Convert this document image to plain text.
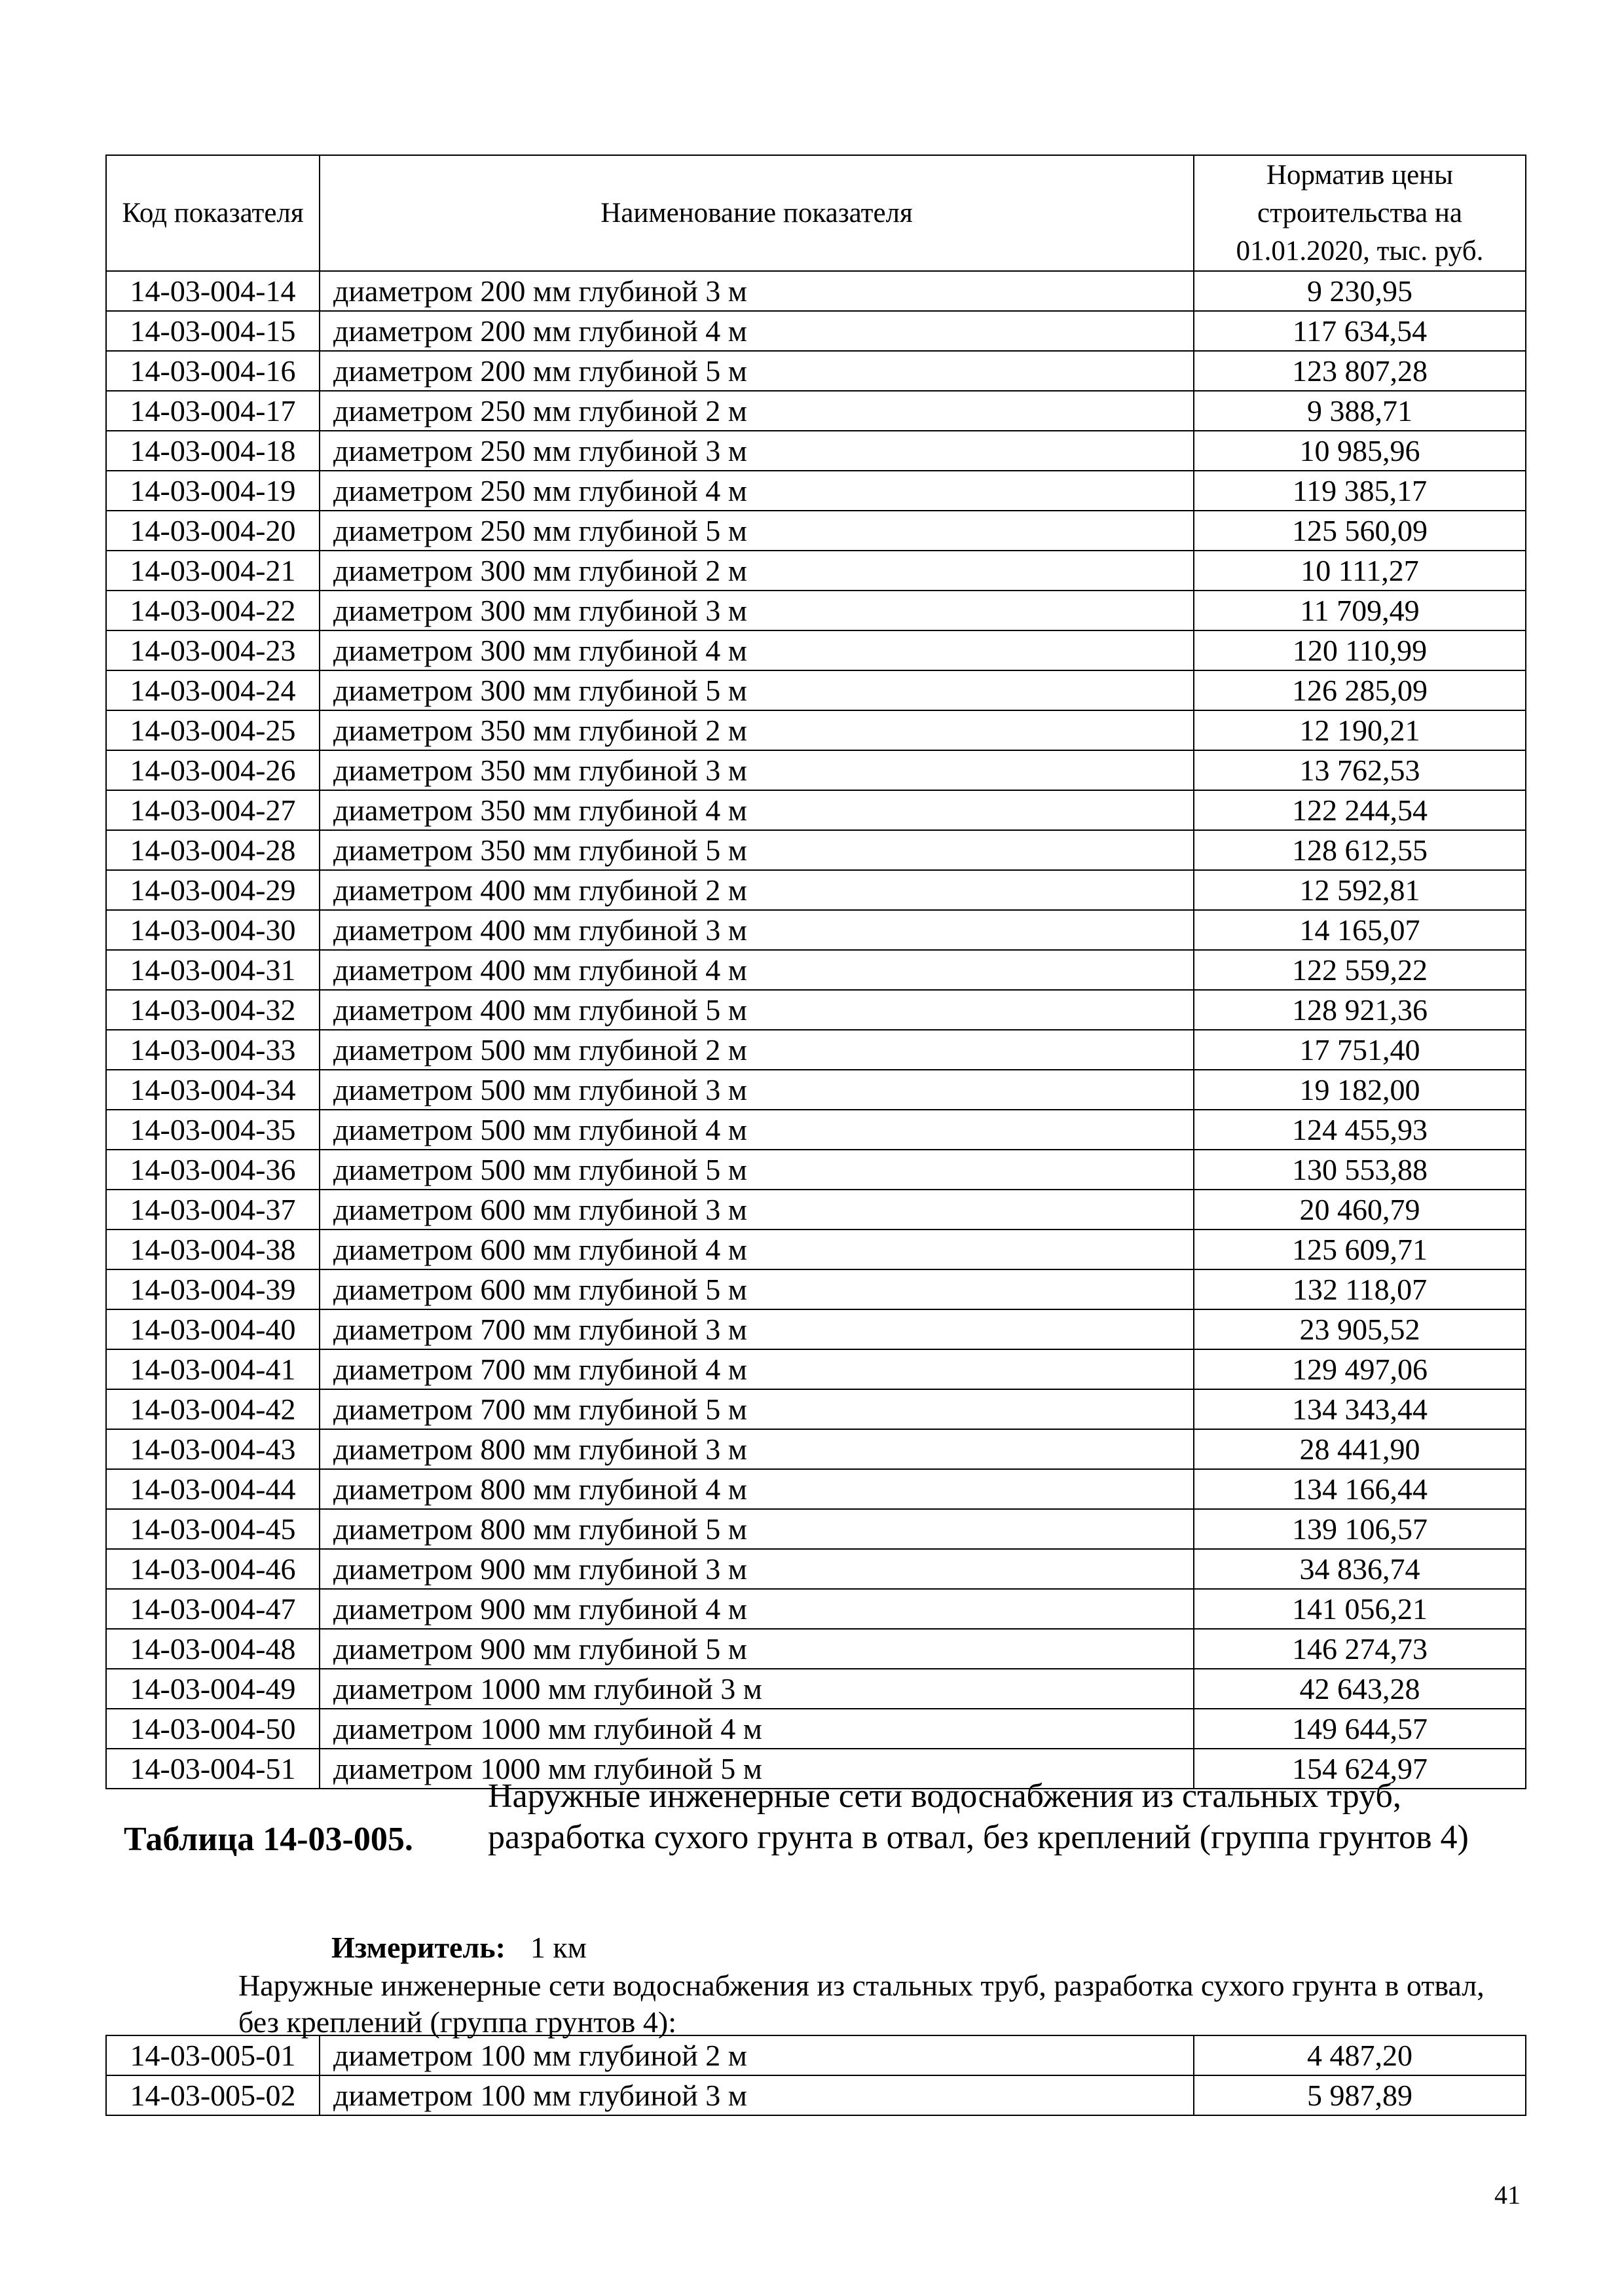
Код показателя	Наименование показателя	Норматив цены строительства на 01.01.2020, тыс. руб.
14-03-004-14	диаметром 200 мм глубиной 3 м	9 230,95
14-03-004-15	диаметром 200 мм глубиной 4 м	117 634,54
14-03-004-16	диаметром 200 мм глубиной 5 м	123 807,28
14-03-004-17	диаметром 250 мм глубиной 2 м	9 388,71
14-03-004-18	диаметром 250 мм глубиной 3 м	10 985,96
14-03-004-19	диаметром 250 мм глубиной 4 м	119 385,17
14-03-004-20	диаметром 250 мм глубиной 5 м	125 560,09
14-03-004-21	диаметром 300 мм глубиной 2 м	10 111,27
14-03-004-22	диаметром 300 мм глубиной 3 м	11 709,49
14-03-004-23	диаметром 300 мм глубиной 4 м	120 110,99
14-03-004-24	диаметром 300 мм глубиной 5 м	126 285,09
14-03-004-25	диаметром 350 мм глубиной 2 м	12 190,21
14-03-004-26	диаметром 350 мм глубиной 3 м	13 762,53
14-03-004-27	диаметром 350 мм глубиной 4 м	122 244,54
14-03-004-28	диаметром 350 мм глубиной 5 м	128 612,55
14-03-004-29	диаметром 400 мм глубиной 2 м	12 592,81
14-03-004-30	диаметром 400 мм глубиной 3 м	14 165,07
14-03-004-31	диаметром 400 мм глубиной 4 м	122 559,22
14-03-004-32	диаметром 400 мм глубиной 5 м	128 921,36
14-03-004-33	диаметром 500 мм глубиной 2 м	17 751,40
14-03-004-34	диаметром 500 мм глубиной 3 м	19 182,00
14-03-004-35	диаметром 500 мм глубиной 4 м	124 455,93
14-03-004-36	диаметром 500 мм глубиной 5 м	130 553,88
14-03-004-37	диаметром 600 мм глубиной 3 м	20 460,79
14-03-004-38	диаметром 600 мм глубиной 4 м	125 609,71
14-03-004-39	диаметром 600 мм глубиной 5 м	132 118,07
14-03-004-40	диаметром 700 мм глубиной 3 м	23 905,52
14-03-004-41	диаметром 700 мм глубиной 4 м	129 497,06
14-03-004-42	диаметром 700 мм глубиной 5 м	134 343,44
14-03-004-43	диаметром 800 мм глубиной 3 м	28 441,90
14-03-004-44	диаметром 800 мм глубиной 4 м	134 166,44
14-03-004-45	диаметром 800 мм глубиной 5 м	139 106,57
14-03-004-46	диаметром 900 мм глубиной 3 м	34 836,74
14-03-004-47	диаметром 900 мм глубиной 4 м	141 056,21
14-03-004-48	диаметром 900 мм глубиной 5 м	146 274,73
14-03-004-49	диаметром 1000 мм глубиной 3 м	42 643,28
14-03-004-50	диаметром 1000 мм глубиной 4 м	149 644,57
14-03-004-51	диаметром 1000 мм глубиной 5 м	154 624,97
Таблица 14-03-005.
Наружные инженерные сети водоснабжения из стальных труб, разработка сухого грунта в отвал, без креплений (группа грунтов 4)
Измеритель: 1 км
Наружные инженерные сети водоснабжения из стальных труб, разработка сухого грунта в отвал, без креплений (группа грунтов 4):
14-03-005-01	диаметром 100 мм глубиной 2 м	4 487,20
14-03-005-02	диаметром 100 мм глубиной 3 м	5 987,89
41
